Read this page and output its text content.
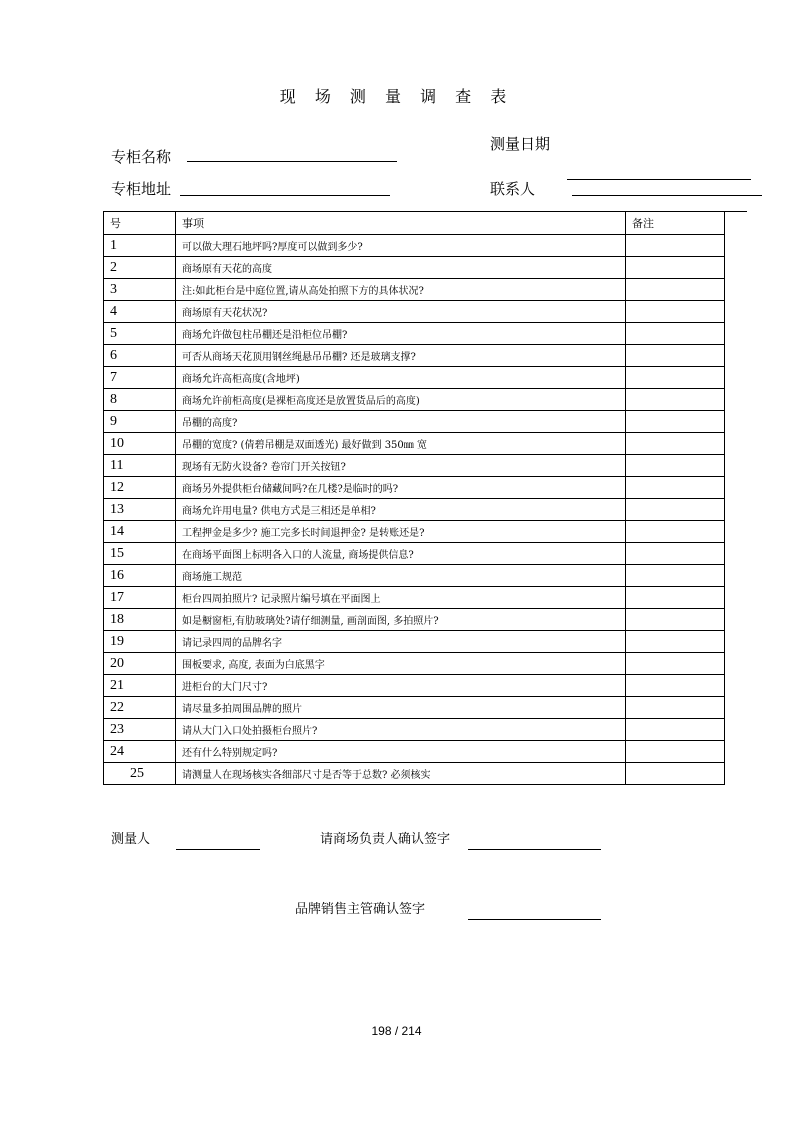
现 场 测 量 调 查 表
专柜名称
测量日期
专柜地址	联系人
号	事项	备注
1	可以做大理石地坪吗?厚度可以做到多少?	
2	商场原有天花的高度	
3	注:如此柜台是中庭位置,请从高处拍照下方的具体状况?	
4	商场原有天花状况?	
5	商场允许做包柱吊棚还是沿柜位吊棚?	
6	可否从商场天花顶用钢丝绳悬吊吊棚? 还是玻璃支撑?	
7	商场允许高柜高度(含地坪)	
8	商场允许前柜高度(是裸柜高度还是放置货品后的高度)	
9	吊棚的高度?	
10	吊棚的宽度? (倩碧吊棚是双面透光) 最好做到 350㎜ 宽	
11	现场有无防火设备? 卷帘门开关按钮?	
12	商场另外提供柜台储藏间吗?在几楼?是临时的吗?	
13	商场允许用电量? 供电方式是三相还是单相?	
14	工程押金是多少? 施工完多长时间退押金? 是转账还是?	
15	在商场平面图上标明各入口的人流量, 商场提供信息?	
16	商场施工规范	
17	柜台四周拍照片? 记录照片编号填在平面图上	
18	如是橱窗柜,有肋玻璃处?请仔细测量, 画剖面图, 多拍照片?	
19	请记录四周的品牌名字	
20	围板要求, 高度, 表面为白底黑字	
21	进柜台的大门尺寸?	
22	请尽量多拍周围品牌的照片	
23	请从大门入口处拍摄柜台照片?	
24	还有什么特别规定吗?	
25	请测量人在现场核实各细部尺寸是否等于总数? 必须核实	
测量人	请商场负责人确认签字
品牌销售主管确认签字
198 / 214
